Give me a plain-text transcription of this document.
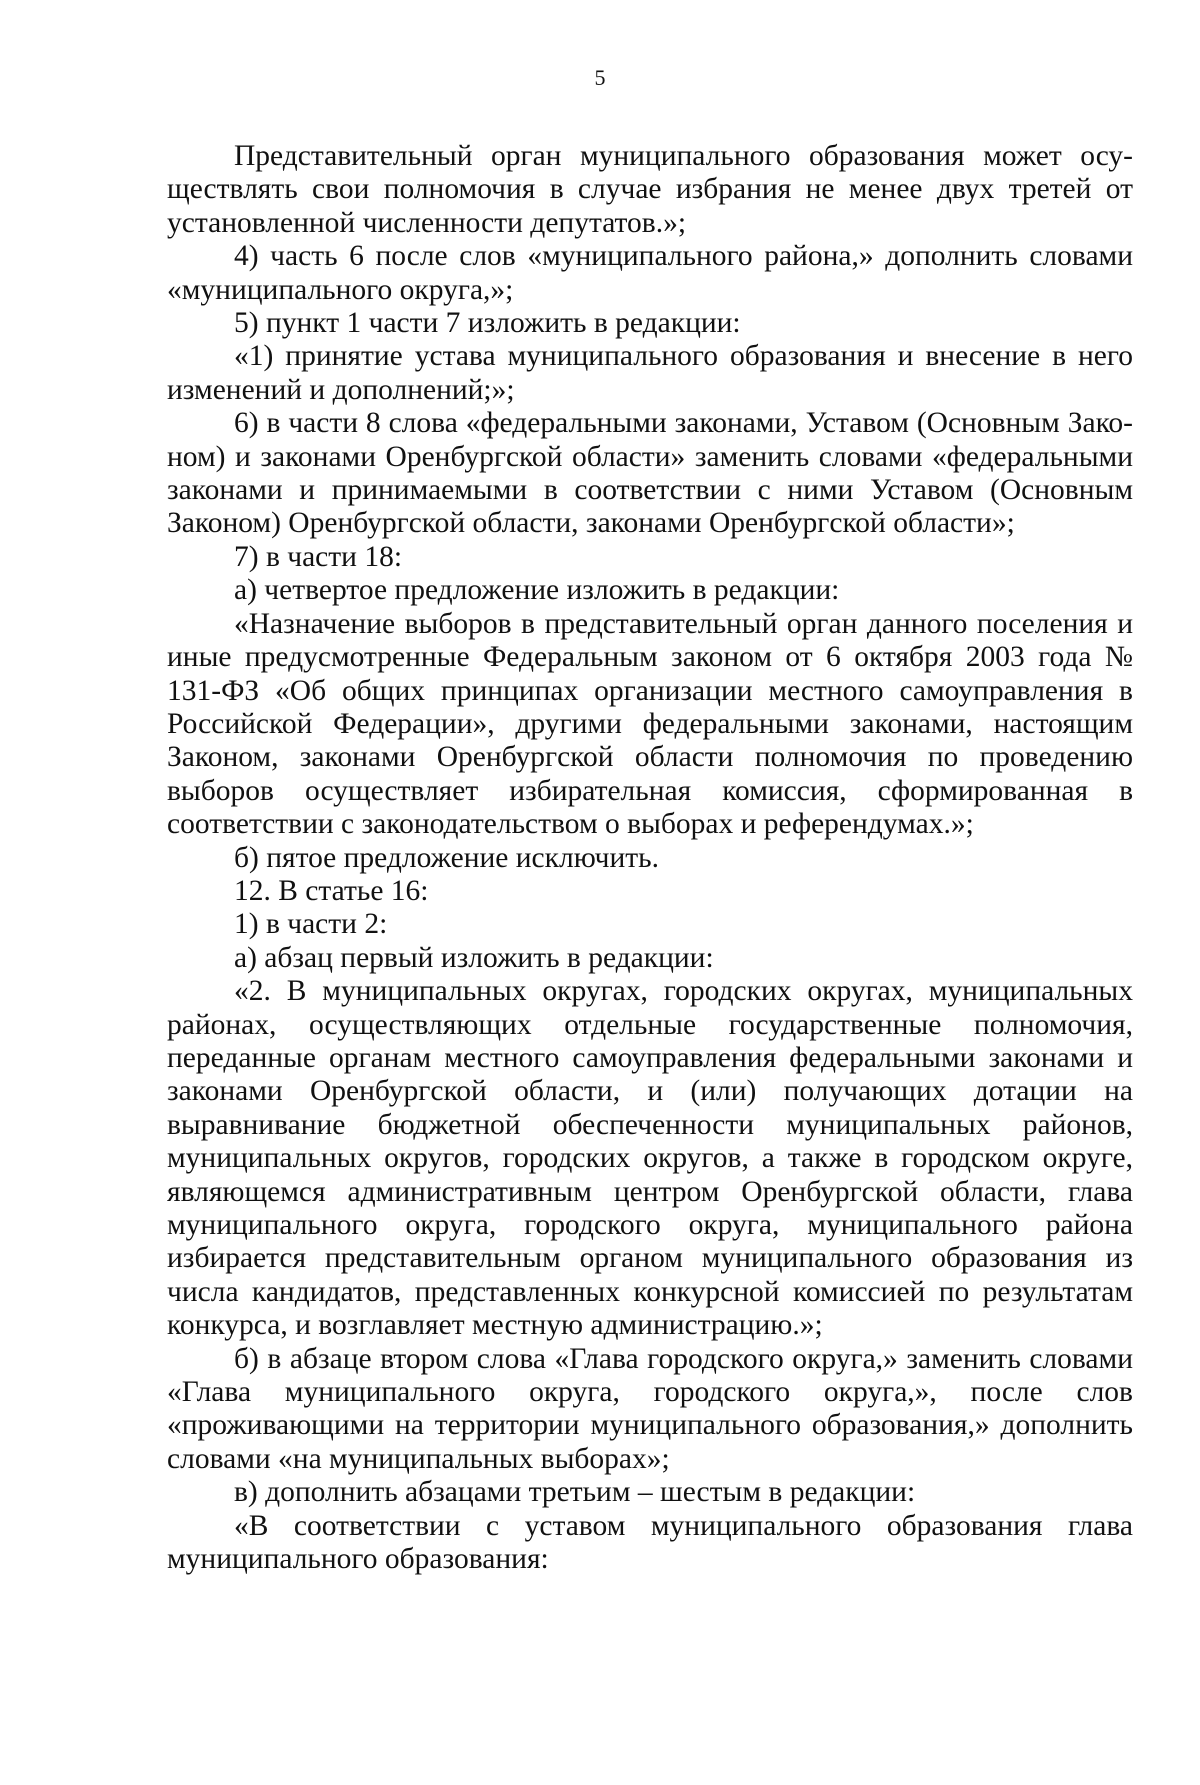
5

Представительный орган муниципального образования может осуществлять свои полномочия в случае избрания не менее двух третей от установленной численности депутатов.»;

4) часть 6 после слов «муниципального района,» дополнить словами «муниципального округа,»;

5) пункт 1 части 7 изложить в редакции:

«1) принятие устава муниципального образования и внесение в него изменений и дополнений;»;

6) в части 8 слова «федеральными законами, Уставом (Основным Законом) и законами Оренбургской области» заменить словами «федеральными законами и принимаемыми в соответствии с ними Уставом (Основным Законом) Оренбургской области, законами Оренбургской области»;

7) в части 18:

а) четвертое предложение изложить в редакции:

«Назначение выборов в представительный орган данного поселения и иные предусмотренные Федеральным законом от 6 октября 2003 года № 131-ФЗ «Об общих принципах организации местного самоуправления в Российской Федерации», другими федеральными законами, настоящим Законом, законами Оренбургской области полномочия по проведению выборов осуществляет избирательная комиссия, сформированная в соответствии с законодательством о выборах и референдумах.»;

б) пятое предложение исключить.

12. В статье 16:

1) в части 2:

а) абзац первый изложить в редакции:

«2. В муниципальных округах, городских округах, муниципальных районах, осуществляющих отдельные государственные полномочия, переданные органам местного самоуправления федеральными законами и законами Оренбургской области, и (или) получающих дотации на выравнивание бюджетной обеспеченности муниципальных районов, муниципальных округов, городских округов, а также в городском округе, являющемся административным центром Оренбургской области, глава муниципального округа, городского округа, муниципального района избирается представительным органом муниципального образования из числа кандидатов, представленных конкурсной комиссией по результатам конкурса, и возглавляет местную администрацию.»;

б) в абзаце втором слова «Глава городского округа,» заменить словами «Глава муниципального округа, городского округа,», после слов «проживающими на территории муниципального образования,» дополнить словами «на муниципальных выборах»;

в) дополнить абзацами третьим – шестым в редакции:

«В соответствии с уставом муниципального образования глава муниципального образования:
